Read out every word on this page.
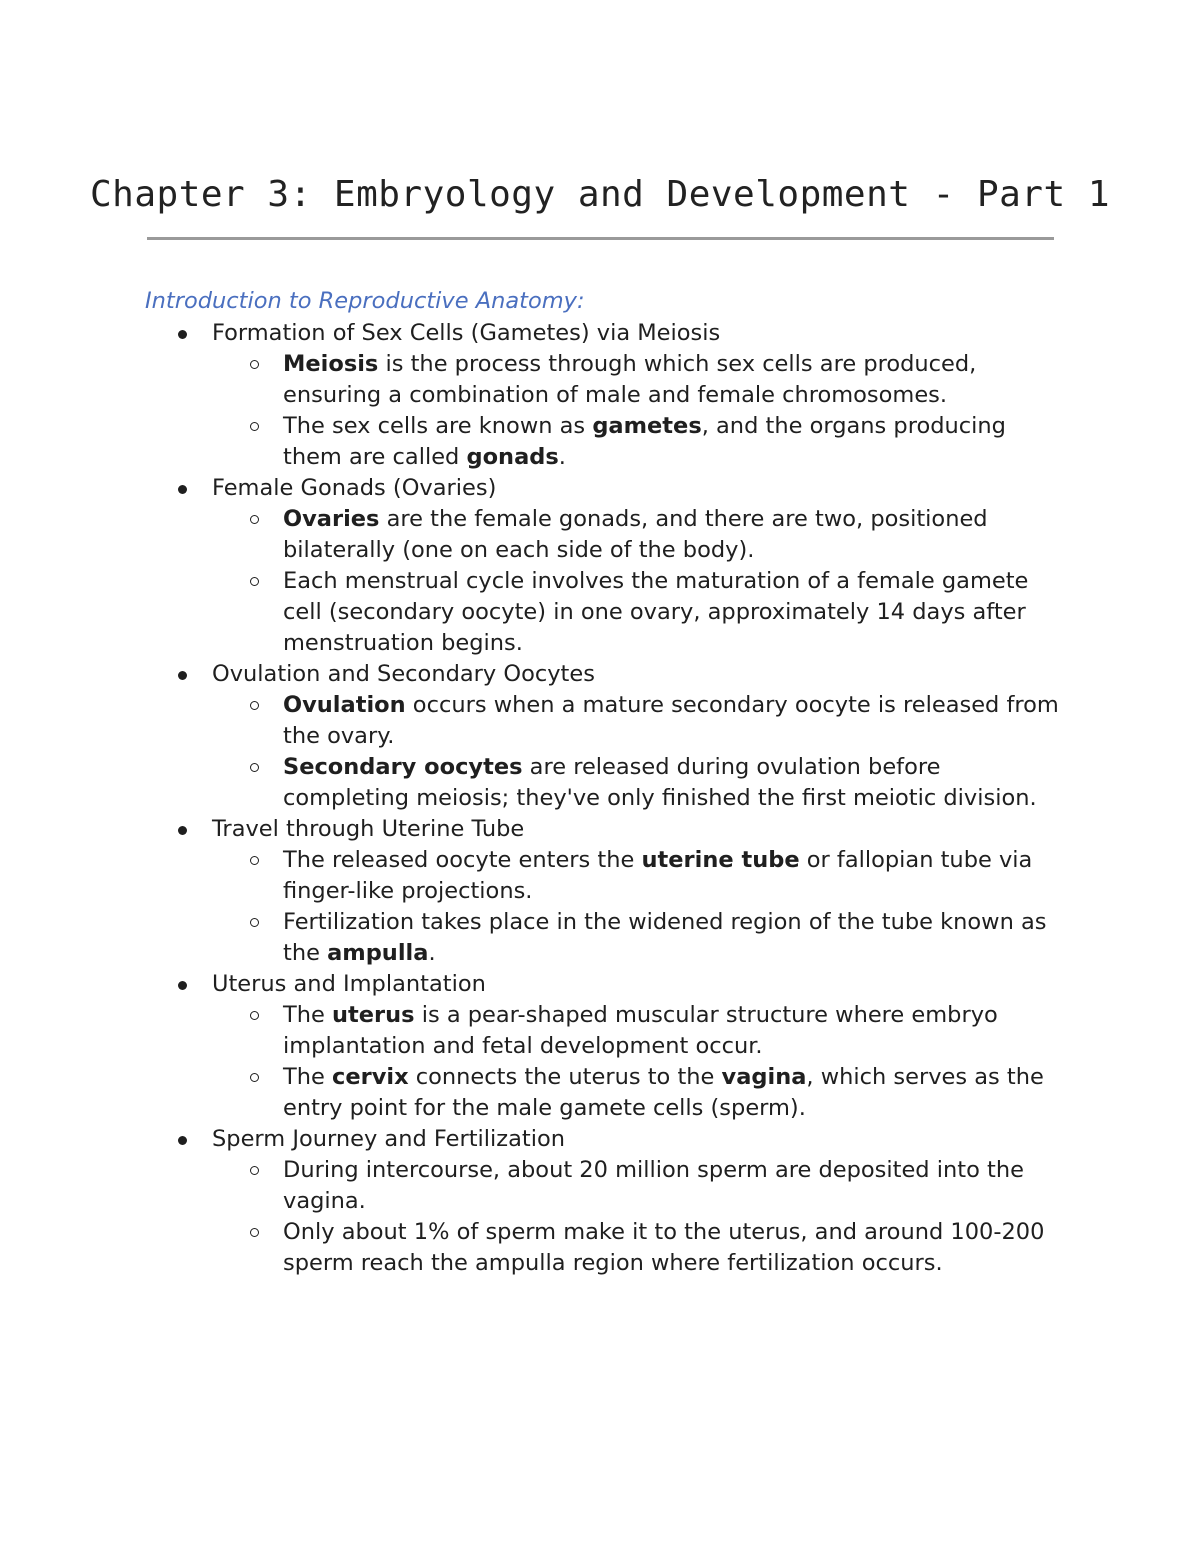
Chapter 3: Embryology and Development - Part 1
Introduction to Reproductive Anatomy:
Formation of Sex Cells (Gametes) via Meiosis
Meiosis is the process through which sex cells are produced, ensuring a combination of male and female chromosomes.
The sex cells are known as gametes, and the organs producing them are called gonads.
Female Gonads (Ovaries)
Ovaries are the female gonads, and there are two, positioned bilaterally (one on each side of the body).
Each menstrual cycle involves the maturation of a female gamete cell (secondary oocyte) in one ovary, approximately 14 days after menstruation begins.
Ovulation and Secondary Oocytes
Ovulation occurs when a mature secondary oocyte is released from the ovary.
Secondary oocytes are released during ovulation before completing meiosis; they've only finished the first meiotic division.
Travel through Uterine Tube
The released oocyte enters the uterine tube or fallopian tube via finger-like projections.
Fertilization takes place in the widened region of the tube known as the ampulla.
Uterus and Implantation
The uterus is a pear-shaped muscular structure where embryo implantation and fetal development occur.
The cervix connects the uterus to the vagina, which serves as the entry point for the male gamete cells (sperm).
Sperm Journey and Fertilization
During intercourse, about 20 million sperm are deposited into the vagina.
Only about 1% of sperm make it to the uterus, and around 100-200 sperm reach the ampulla region where fertilization occurs.
